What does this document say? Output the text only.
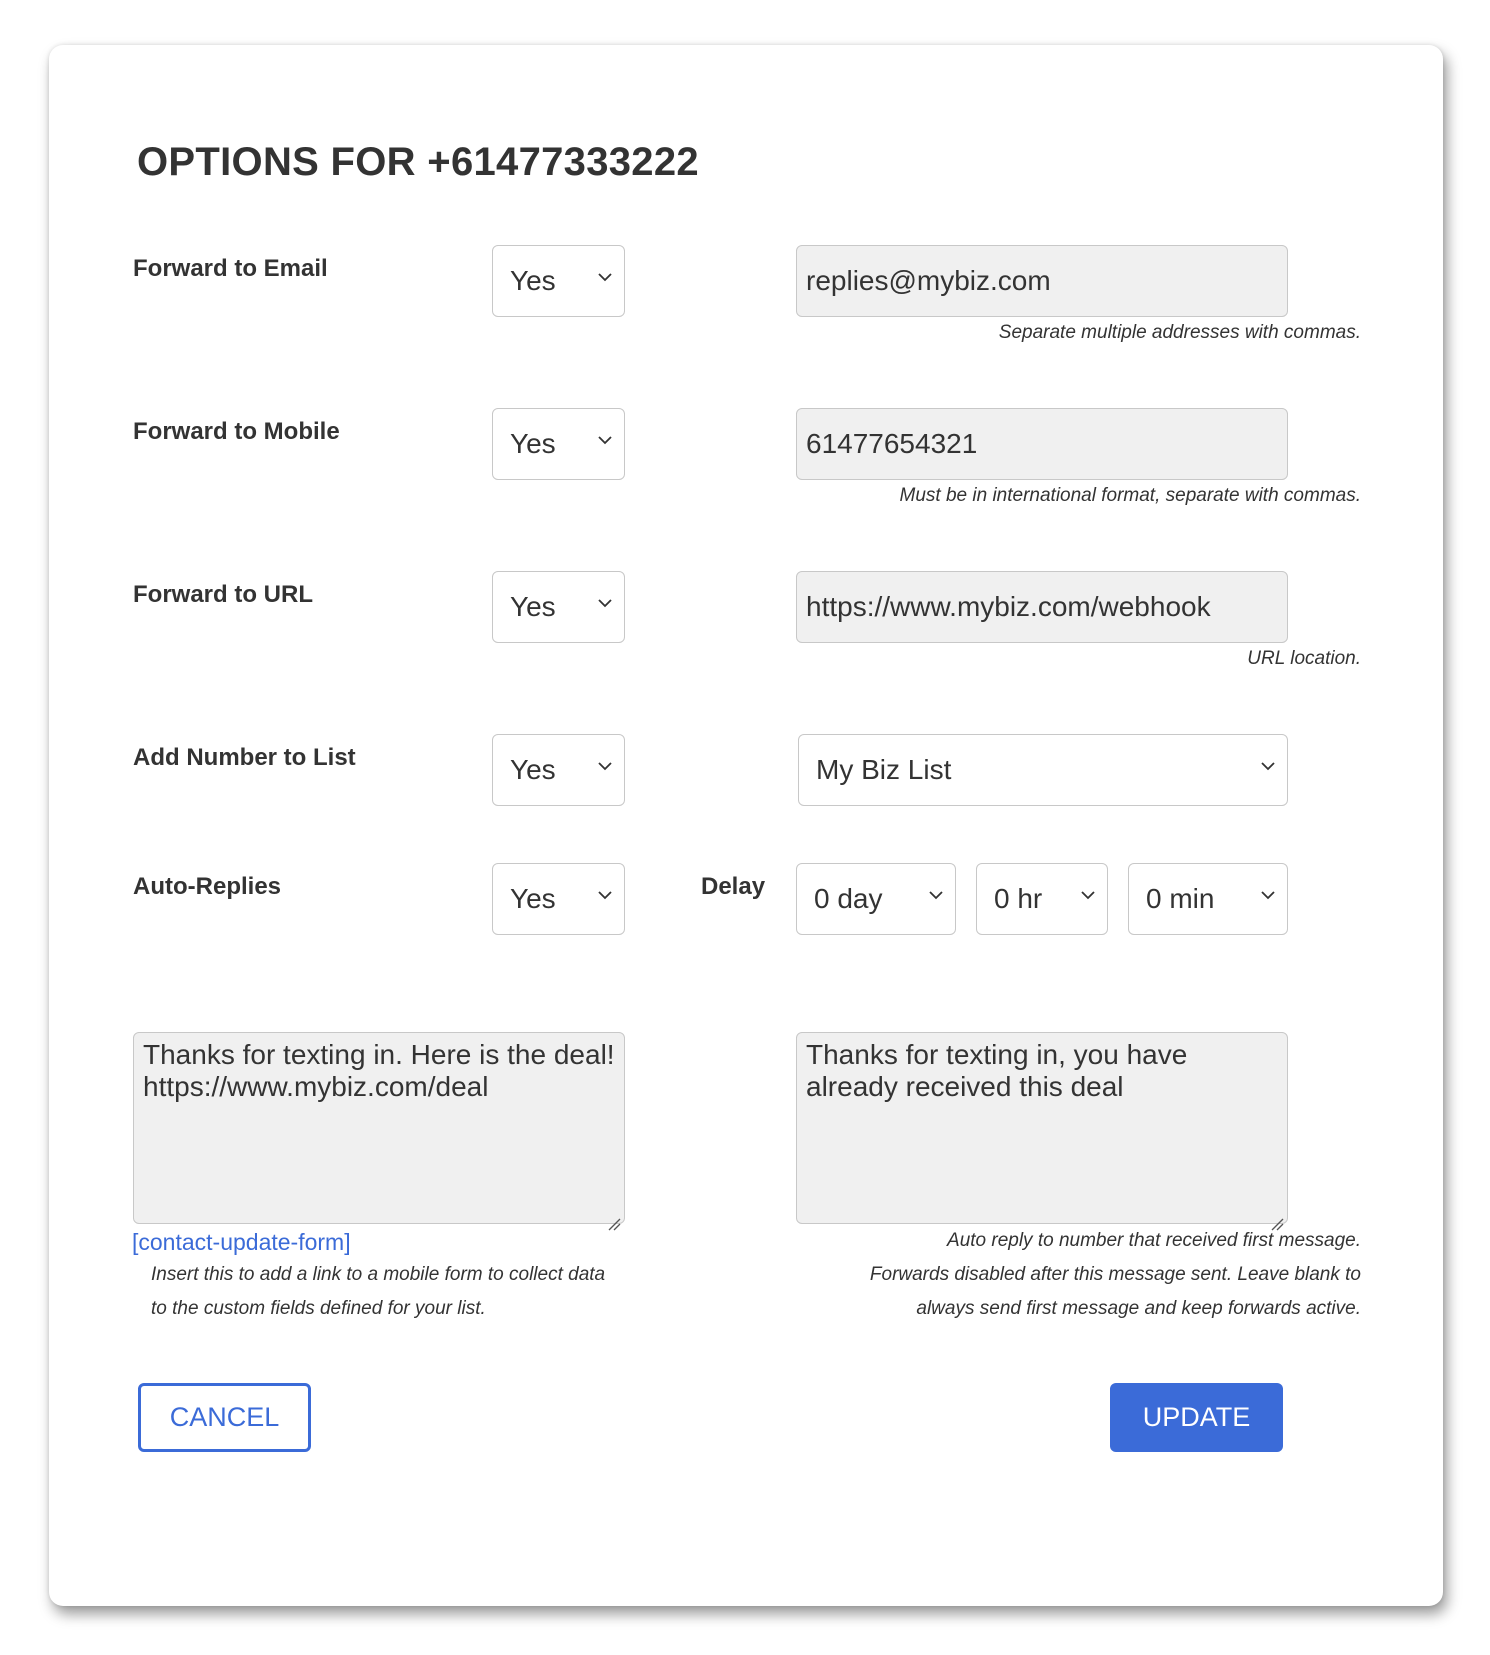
OPTIONS FOR +61477333222
Forward to Email	Yes	replies@mybiz.com
Separate multiple addresses with commas.
Forward to Mobile	Yes	61477654321
Must be in international format, separate with commas.
Forward to URL	Yes	https://www.mybiz.com/webhook
URL location.
Add Number to List	Yes	My Biz List
Auto-Replies	Yes	Delay 0 day	0 hr	0 min
Thanks for texting in. Here is the deal! https://www.mybiz.com/deal
Thanks for texting in, you have already received this deal
[contact-update-form]
Insert this to add a link to a mobile form to collect data
to the custom fields defined for your list.
Auto reply to number that received first message.
Forwards disabled after this message sent. Leave blank to
always send first message and keep forwards active.
CANCEL	UPDATE
